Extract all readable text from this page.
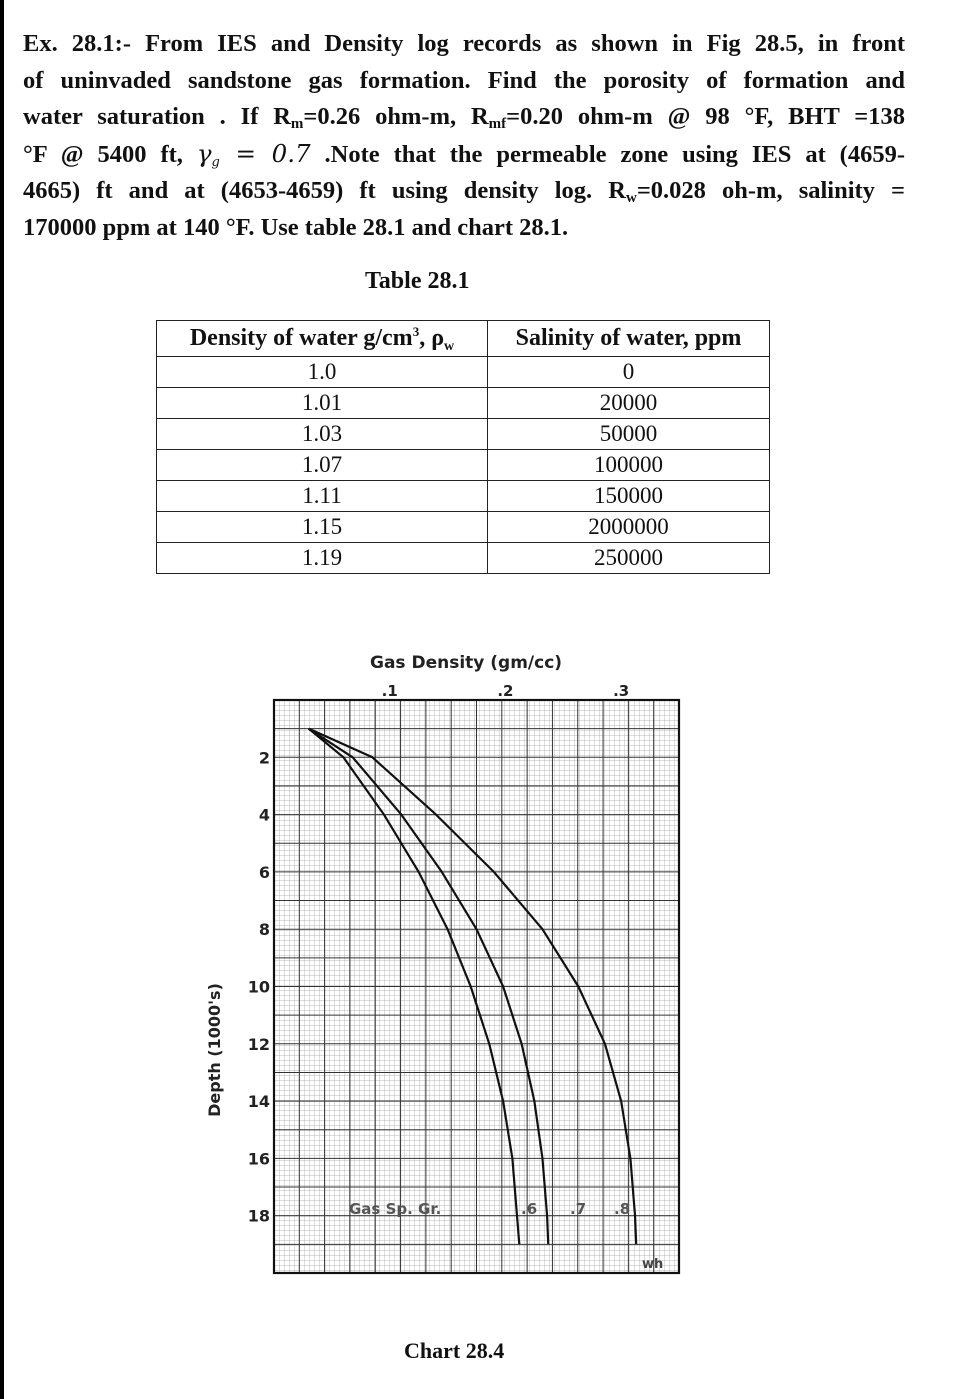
Ex. 28.1:- From IES and Density log records as shown in Fig 28.5, in front

of uninvaded sandstone gas formation. Find the porosity of formation and

water saturation . If $R_m=0.26$ ohm-m, $R_{mf}=0.20$ ohm-m @ 98 °F, BHT =138

°F @ 5400 ft, $\gamma_g = 0.7$ .Note that the permeable zone using IES at (4659-

4665) ft and at (4653-4659) ft using density log. $R_w=0.028$ oh-m, salinity =

170000 ppm at 140 °F. Use table 28.1 and chart 28.1.

Table 28.1
Density of water $g/cm^3$, $\rho_w$	Salinity of water, ppm
1.0	0
1.01	20000
1.03	50000
1.07	100000
1.11	150000
1.15	2000000
1.19	250000
Gas Density (gm/cc)
.1	.2	.3
2
4
6
8
10
12
14
16
18	Gas Sp. Gr.	.6 .7 .8
wh
Depth (1000's)
Chart 28.4
